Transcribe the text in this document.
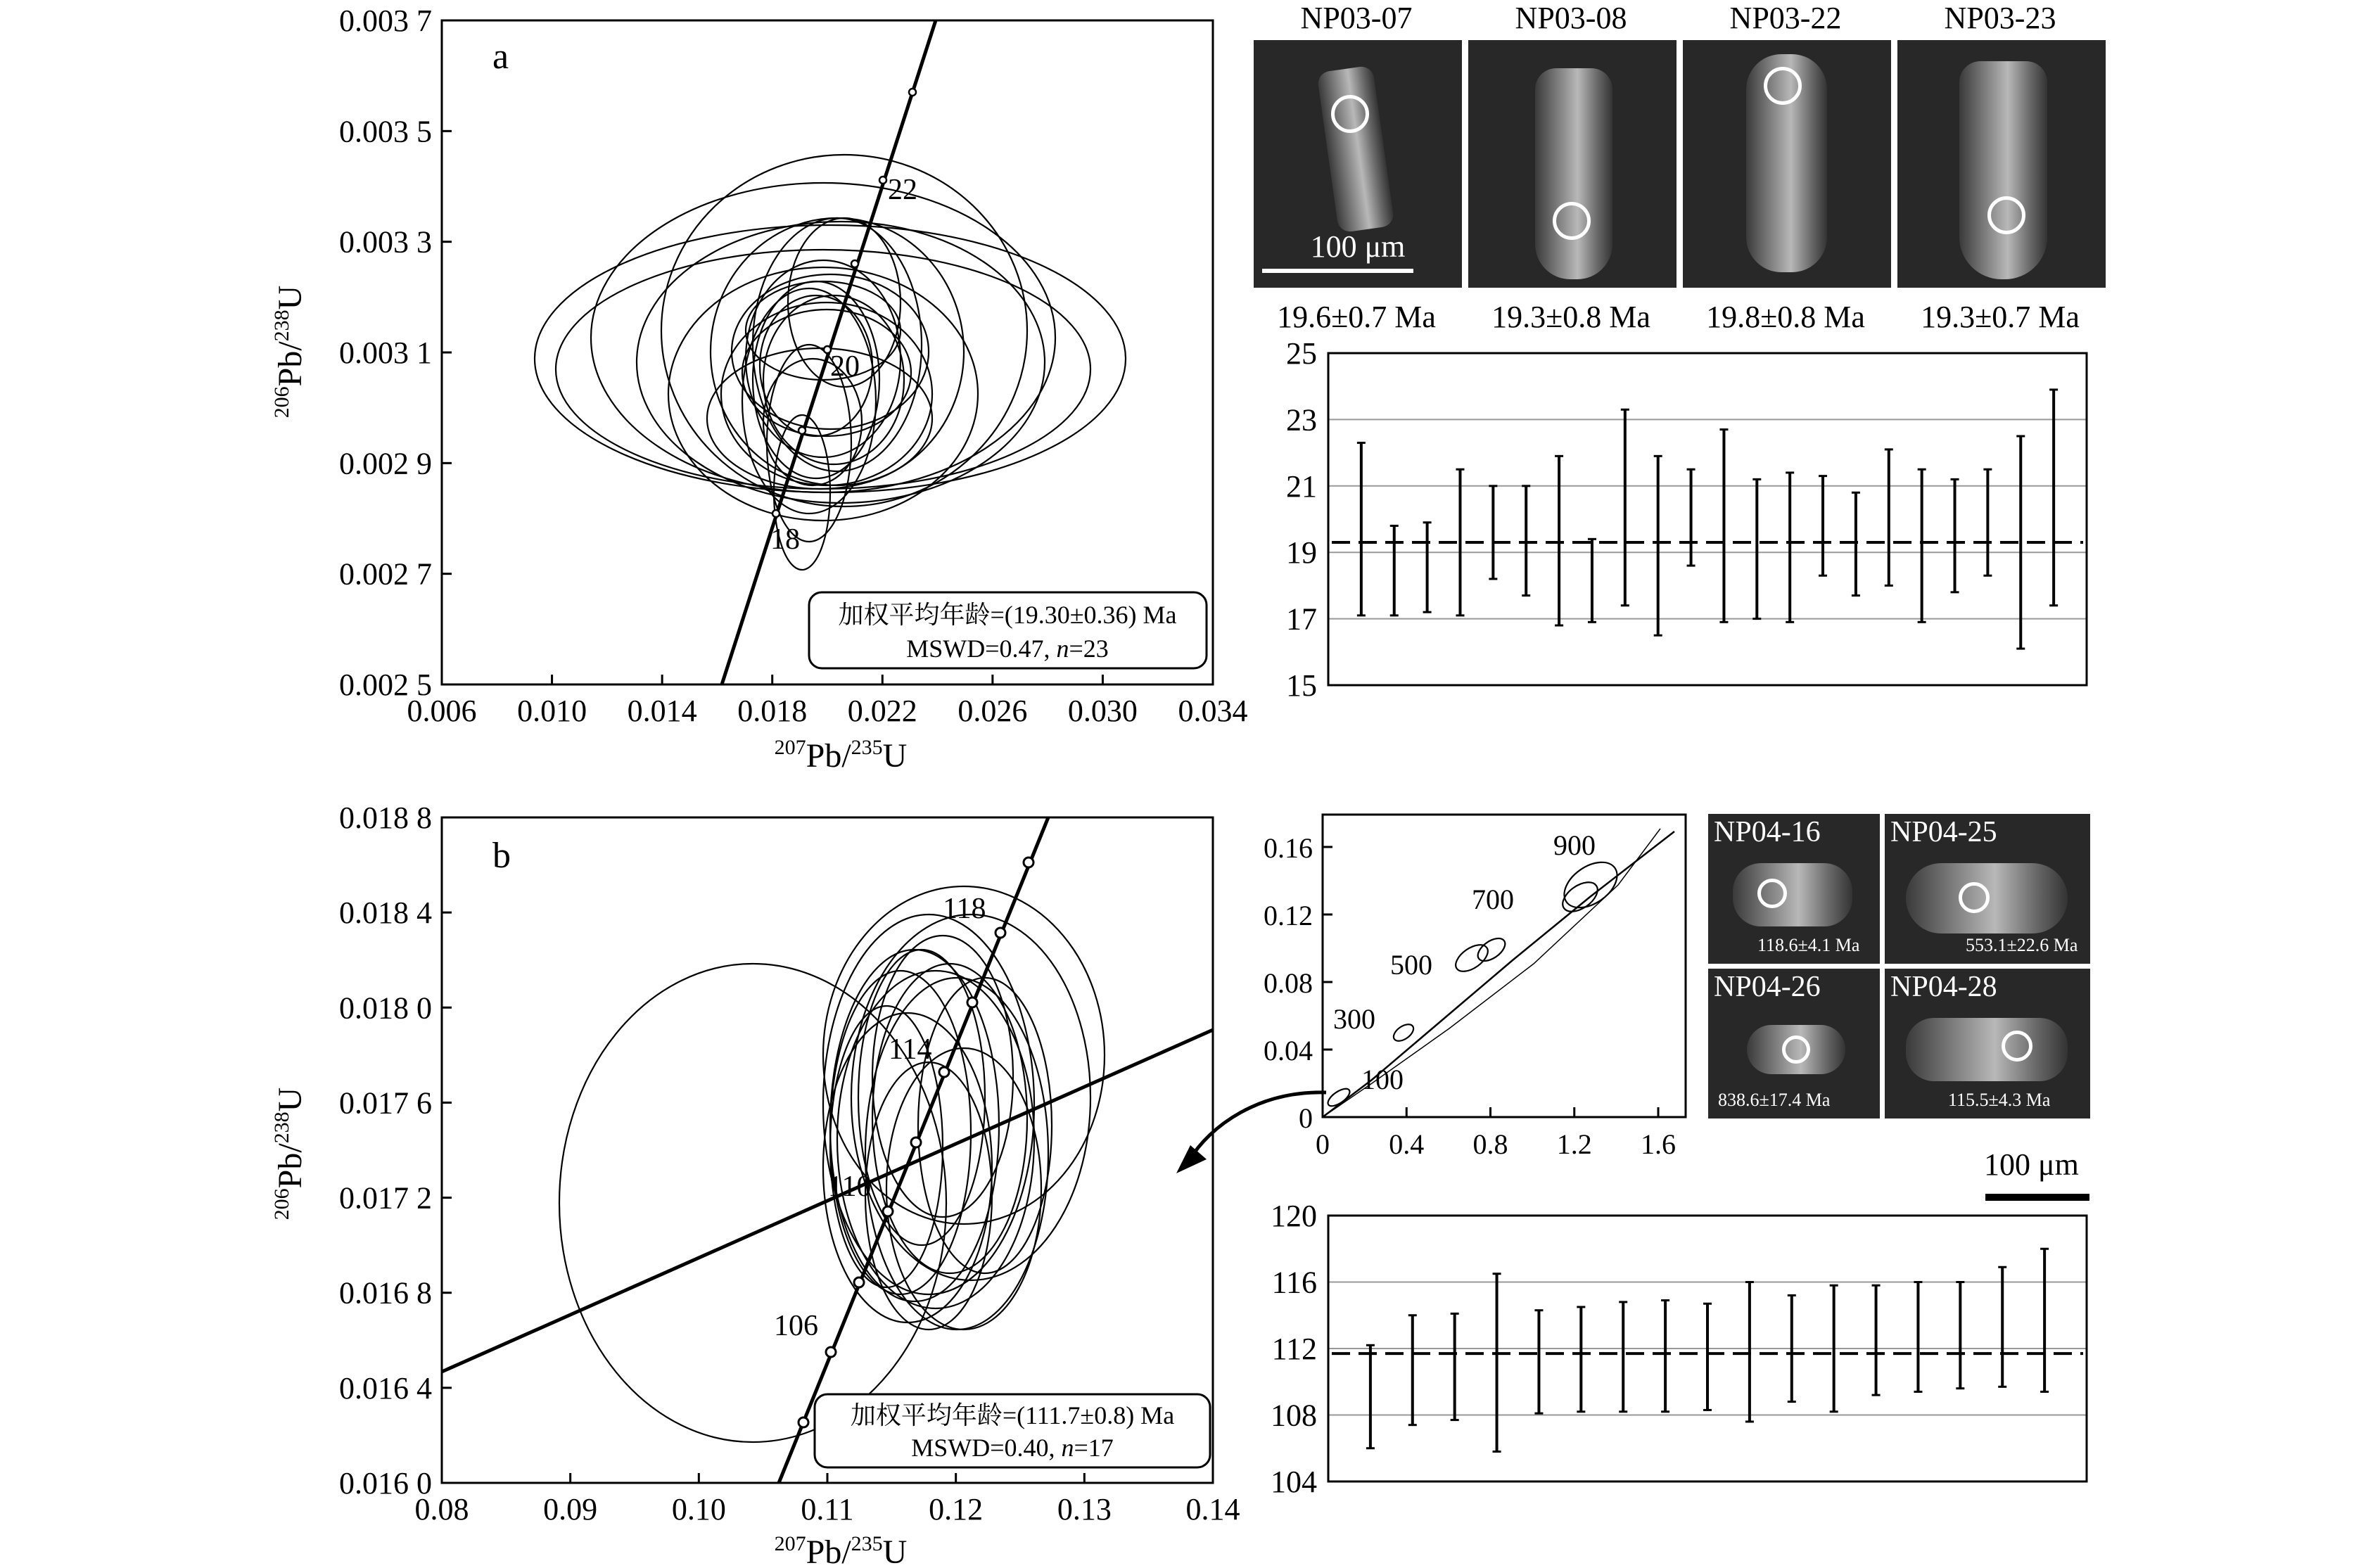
a
22
20
18
加权平均年龄=(19.30±0.36) Ma
MSWD=0.47, n=23
0.006 0.010 0.014 0.018 0.022 0.026 0.030 0.034
0.003 7
0.003 5
0.003 3
0.003 1
0.002 9
0.002 7
0.002 5
$^{207}$Pb/$^{235}$U
$^{206}$Pb/$^{238}$U
25
23
21
19
17
15
b
118
114
110
106
加权平均年龄=(111.7±0.8) Ma
MSWD=0.40, n=17
0.08 0.09 0.10 0.11 0.12 0.13 0.14
0.018 8
0.018 4
0.018 0
0.017 6
0.017 2
0.016 8
0.016 4
0.016 0
$^{207}$Pb/$^{235}$U
$^{206}$Pb/$^{238}$U
900
700
500
300
100
0 0.4 0.8 1.2 1.6
0.16
0.12
0.08
0.04
0
120
116
112
108
104
NP03-07	NP03-08	NP03-22	NP03-23
100 μm
19.6±0.7 Ma	19.3±0.8 Ma	19.8±0.8 Ma	19.3±0.7 Ma
NP04-16
118.6±4.1 Ma
NP04-25
553.1±22.6 Ma
NP04-26
838.6±17.4 Ma
NP04-28
115.5±4.3 Ma
100 μm
